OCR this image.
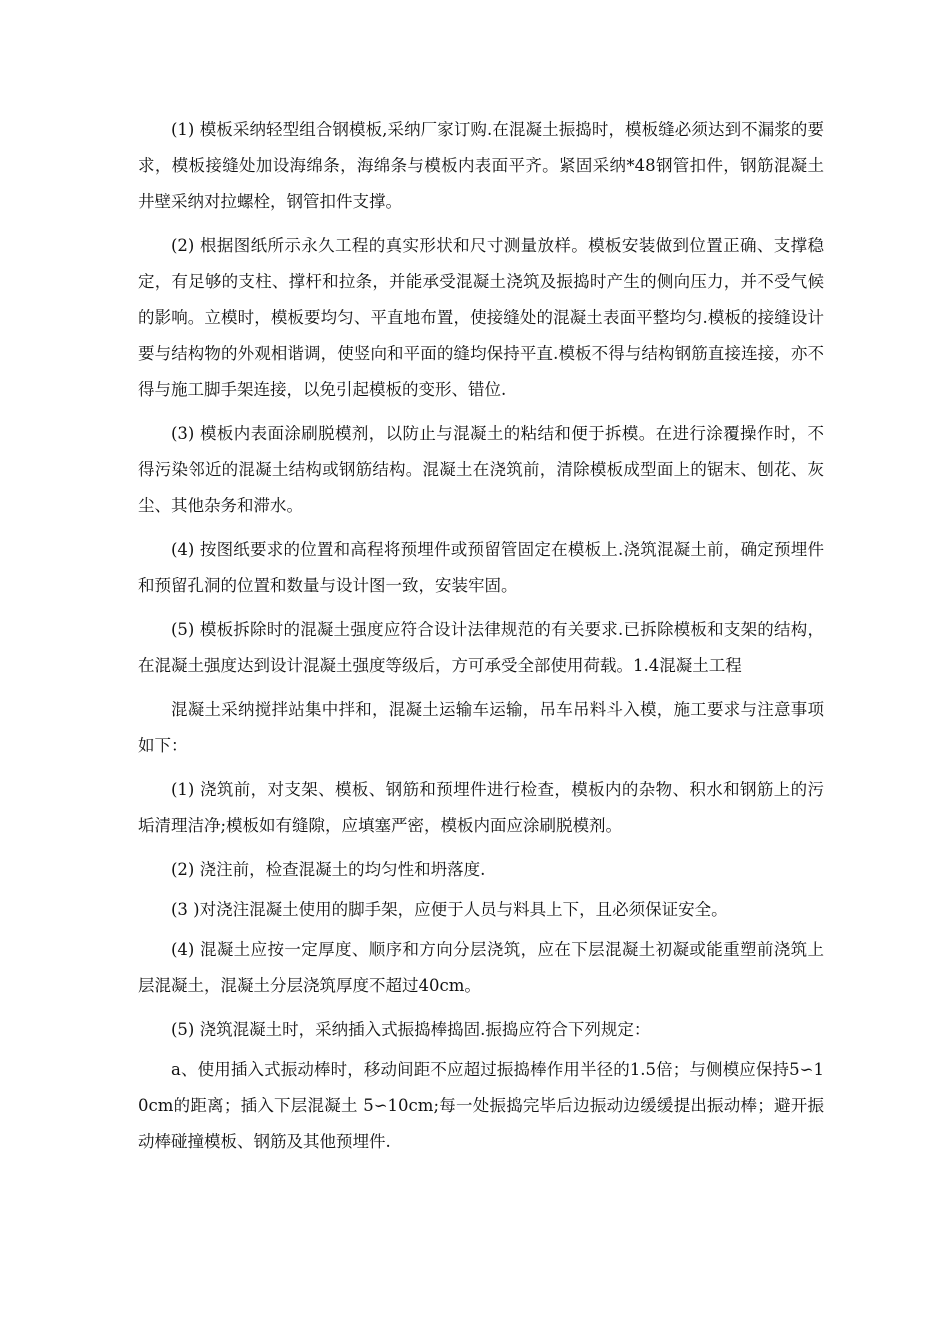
(1) 模板采纳轻型组合钢模板,采纳厂家订购.在混凝土振捣时，模板缝必须达到不漏浆的要求，模板接缝处加设海绵条，海绵条与模板内表面平齐。紧固采纳*48钢管扣件，钢筋混凝土井壁采纳对拉螺栓，钢管扣件支撑。

(2) 根据图纸所示永久工程的真实形状和尺寸测量放样。模板安装做到位置正确、支撑稳定，有足够的支柱、撑杆和拉条，并能承受混凝土浇筑及振捣时产生的侧向压力，并不受气候的影响。立模时，模板要均匀、平直地布置，使接缝处的混凝土表面平整均匀.模板的接缝设计要与结构物的外观相谐调，使竖向和平面的缝均保持平直.模板不得与结构钢筋直接连接，亦不得与施工脚手架连接，以免引起模板的变形、错位.

(3) 模板内表面涂刷脱模剂，以防止与混凝土的粘结和便于拆模。在进行涂覆操作时，不得污染邻近的混凝土结构或钢筋结构。混凝土在浇筑前，清除模板成型面上的锯末、刨花、灰尘、其他杂务和滞水。

(4) 按图纸要求的位置和高程将预埋件或预留管固定在模板上.浇筑混凝土前，确定预埋件和预留孔洞的位置和数量与设计图一致，安装牢固。

(5) 模板拆除时的混凝土强度应符合设计法律规范的有关要求.已拆除模板和支架的结构，在混凝土强度达到设计混凝土强度等级后，方可承受全部使用荷载。1.4混凝土工程

混凝土采纳搅拌站集中拌和，混凝土运输车运输，吊车吊料斗入模，施工要求与注意事项如下：

(1) 浇筑前，对支架、模板、钢筋和预埋件进行检查，模板内的杂物、积水和钢筋上的污垢清理洁净;模板如有缝隙，应填塞严密，模板内面应涂刷脱模剂。

(2) 浇注前，检查混凝土的均匀性和坍落度.

(3 )对浇注混凝土使用的脚手架，应便于人员与料具上下，且必须保证安全。

(4) 混凝土应按一定厚度、顺序和方向分层浇筑，应在下层混凝土初凝或能重塑前浇筑上层混凝土，混凝土分层浇筑厚度不超过40cm。

(5) 浇筑混凝土时，采纳插入式振捣棒捣固.振捣应符合下列规定：

a、使用插入式振动棒时，移动间距不应超过振捣棒作用半径的1.5倍；与侧模应保持5∽10cm的距离；插入下层混凝土 5∽10cm;每一处振捣完毕后边振动边缓缓提出振动棒；避开振动棒碰撞模板、钢筋及其他预埋件.
